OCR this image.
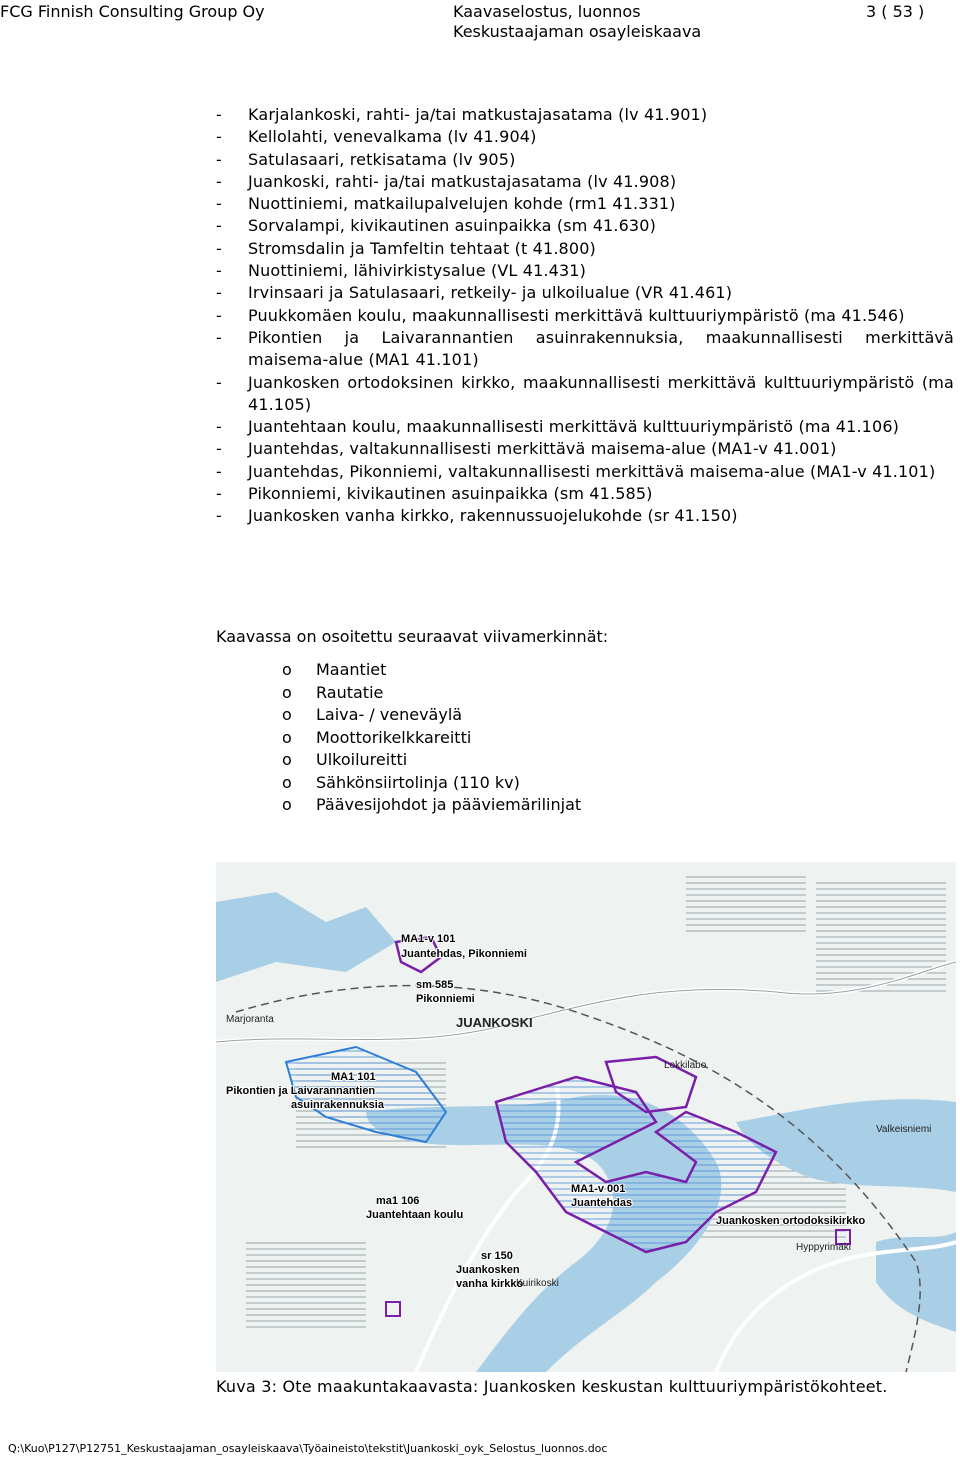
FCG Finnish Consulting Group Oy	Kaavaselostus, luonnos
Keskustaajaman osayleiskaava
3 ( 53 )
- Karjalankoski, rahti- ja/tai matkustajasatama (lv 41.901)
- Kellolahti, venevalkama (lv 41.904)
- Satulasaari, retkisatama (lv 905)
- Juankoski, rahti- ja/tai matkustajasatama (lv 41.908)
- Nuottiniemi, matkailupalvelujen kohde (rm1 41.331)
- Sorvalampi, kivikautinen asuinpaikka (sm 41.630)
- Stromsdalin ja Tamfeltin tehtaat (t 41.800)
- Nuottiniemi, lähivirkistysalue (VL 41.431)
- Irvinsaari ja Satulasaari, retkeily- ja ulkoilualue (VR 41.461)
- Puukkomäen koulu, maakunnallisesti merkittävä kulttuuriympäristö (ma 41.546)
- Pikontien ja Laivarannantien asuinrakennuksia, maakunnallisesti merkittävä maisema-alue (MA1 41.101)
- Juankosken ortodoksinen kirkko, maakunnallisesti merkittävä kulttuuriympäristö (ma 41.105)
- Juantehtaan koulu, maakunnallisesti merkittävä kulttuuriympäristö (ma 41.106)
- Juantehdas, valtakunnallisesti merkittävä maisema-alue (MA1-v 41.001)
- Juantehdas, Pikonniemi, valtakunnallisesti merkittävä maisema-alue (MA1-v 41.101)
- Pikonniemi, kivikautinen asuinpaikka (sm 41.585)
- Juankosken vanha kirkko, rakennussuojelukohde (sr 41.150)
Kaavassa on osoitettu seuraavat viivamerkinnät:
o Maantiet
o Rautatie
o Laiva- / veneväylä
o Moottorikelkkareitti
o Ulkoilureitti
o Sähkönsiirtolinja (110 kv)
o Päävesijohdot ja pääviemärilinjat
MA1-v 101
Juantehdas, Pikonniemi
sm 585
Pikonniemi
JUANKOSKI
Marjoranta
MA1 101
Pikontien ja Laivarannantien
asuinrakennuksia
Lokkilabo
Valkeisniemi
MA1-v 001
Juantehdas
ma1 106
Juantehtaan koulu	Juankosken ortodoksikirkko
Hyppyrimäki
sr 150
Juankosken
vanha kirkko
Kuirikoski
Kuva 3: Ote maakuntakaavasta: Juankosken keskustan kulttuuriympäristökohteet.
Q:\Kuo\P127\P12751_Keskustaajaman_osayleiskaava\Työaineisto\tekstit\Juankoski_oyk_Selostus_luonnos.doc
